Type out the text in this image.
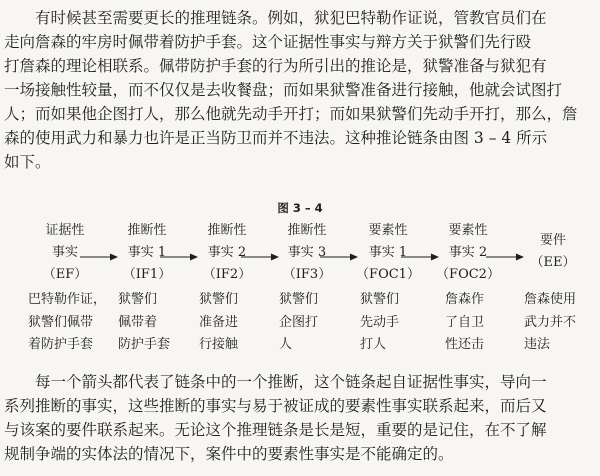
有时候甚至需要更长的推理链条。例如，狱犯巴特勒作证说，管教官员们在
走向詹森的牢房时佩带着防护手套。这个证据性事实与辩方关于狱警们先行殴
打詹森的理论相联系。佩带防护手套的行为所引出的推论是，狱警准备与狱犯有
一场接触性较量，而不仅仅是去收餐盘；而如果狱警准备进行接触，他就会试图打
人；而如果他企图打人，那么他就先动手开打；而如果狱警们先动手开打，那么，詹
森的使用武力和暴力也许是正当防卫而并不违法。这种推论链条由图 3 – 4 所示
如下。
图 3 – 4
证据性
事实
（EF）
推断性
事实 1
（IF1）
推断性
事实 2
（IF2）
推断性
事实 3
（IF3）
要素性
事实 1
（FOC1）
要素性
事实 2
（FOC2）
要件
（EE）
巴特勒作证，
狱警们佩带
着防护手套
狱警们
佩带着
防护手套
狱警们
准备进
行接触
狱警们
企图打
人
狱警们
先动手
打人
詹森作
了自卫
性还击
詹森使用
武力并不
违法
每一个箭头都代表了链条中的一个推断，这个链条起自证据性事实，导向一
系列推断的事实，这些推断的事实与易于被证成的要素性事实联系起来，而后又
与该案的要件联系起来。无论这个推理链条是长是短，重要的是记住，在不了解
规制争端的实体法的情况下，案件中的要素性事实是不能确定的。
